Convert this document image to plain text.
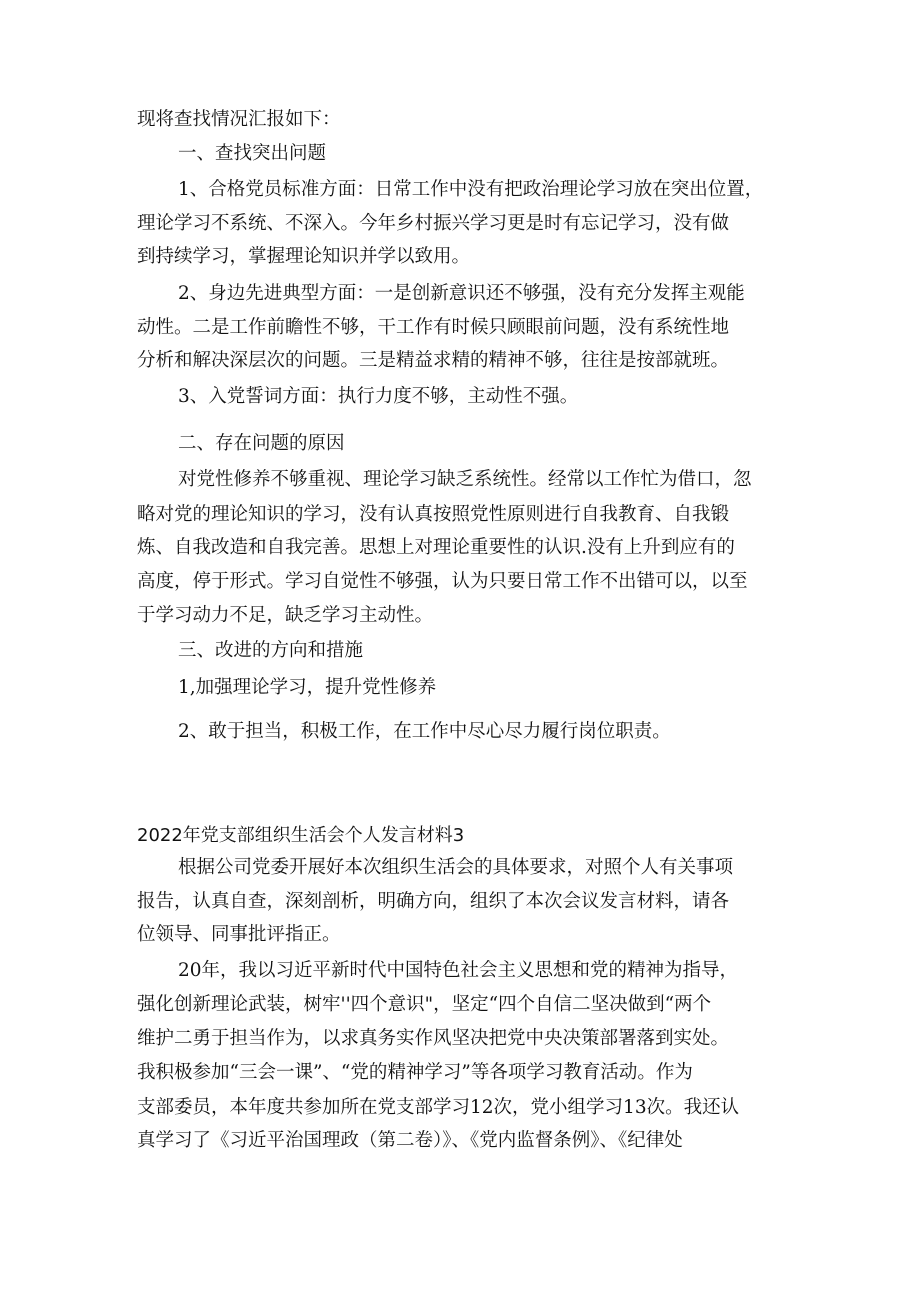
现将查找情况汇报如下：
一、查找突出问题
1、合格党员标准方面：日常工作中没有把政治理论学习放在突出位置，
理论学习不系统、不深入。今年乡村振兴学习更是时有忘记学习，没有做
到持续学习，掌握理论知识并学以致用。
2、身边先进典型方面：一是创新意识还不够强，没有充分发挥主观能
动性。二是工作前瞻性不够，干工作有时候只顾眼前问题，没有系统性地
分析和解决深层次的问题。三是精益求精的精神不够，往往是按部就班。
3、入党誓词方面：执行力度不够，主动性不强。
二、存在问题的原因
对党性修养不够重视、理论学习缺乏系统性。经常以工作忙为借口，忽
略对党的理论知识的学习，没有认真按照党性原则进行自我教育、自我锻
炼、自我改造和自我完善。思想上对理论重要性的认识.没有上升到应有的
高度，停于形式。学习自觉性不够强，认为只要日常工作不出错可以，以至
于学习动力不足，缺乏学习主动性。
三、改进的方向和措施
1,加强理论学习，提升党性修养
2、敢于担当，积极工作，在工作中尽心尽力履行岗位职责。
2022年党支部组织生活会个人发言材料3
根据公司党委开展好本次组织生活会的具体要求，对照个人有关事项
报告，认真自查，深刻剖析，明确方向，组织了本次会议发言材料，请各
位领导、同事批评指正。
20年，我以习近平新时代中国特色社会主义思想和党的精神为指导，
强化创新理论武装，树牢''四个意识"，坚定“四个自信二坚决做到“两个
维护二勇于担当作为，以求真务实作风坚决把党中央决策部署落到实处。
我积极参加“三会一课”、“党的精神学习”等各项学习教育活动。作为
支部委员，本年度共参加所在党支部学习12次，党小组学习13次。我还认
真学习了《习近平治国理政（第二卷）》、《党内监督条例》、《纪律处
